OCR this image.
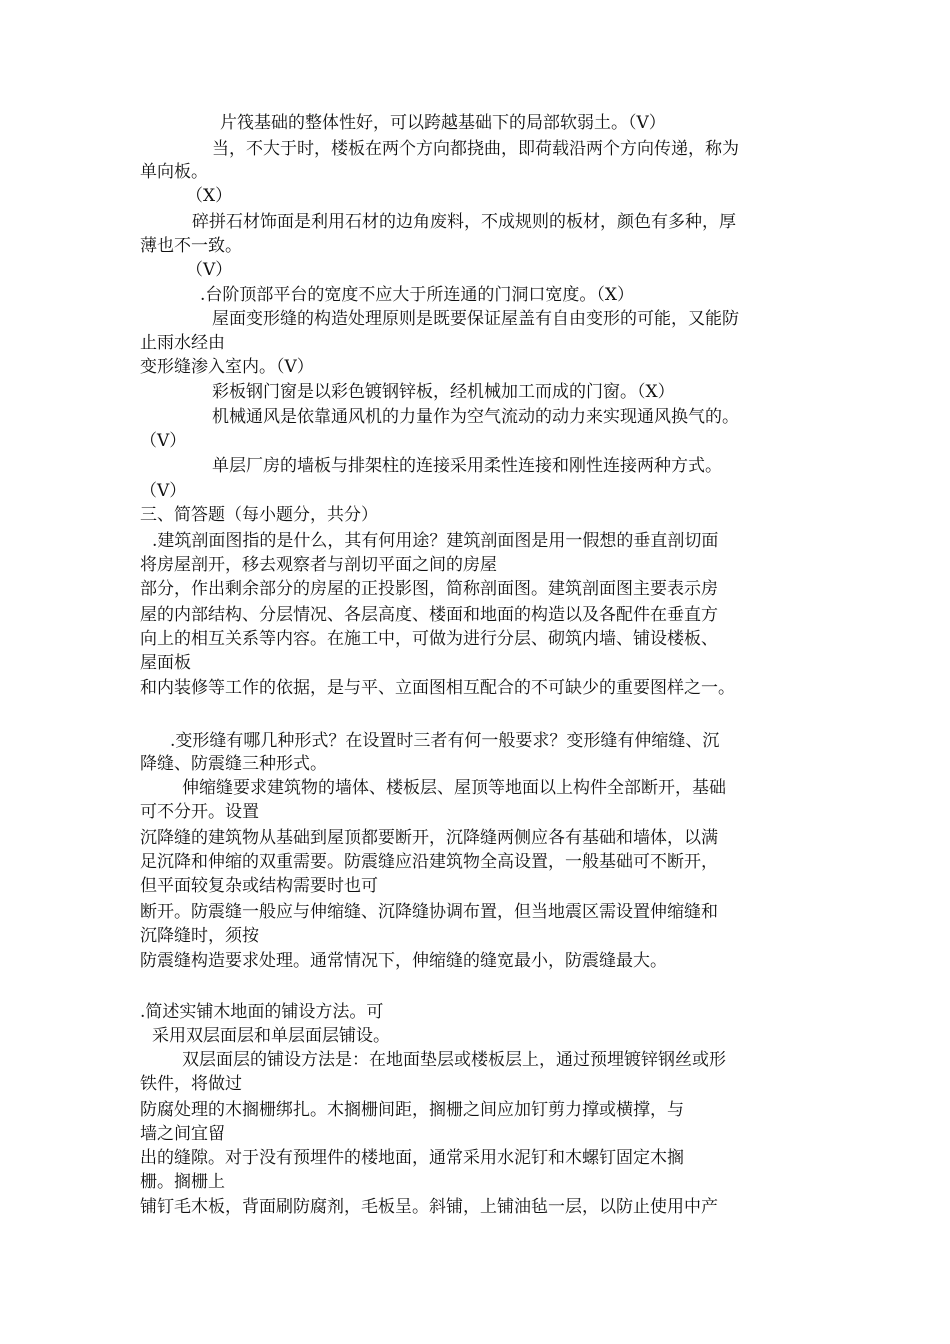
片筏基础的整体性好，可以跨越基础下的局部软弱土。（V）
当，不大于时，楼板在两个方向都挠曲，即荷载沿两个方向传递，称为
单向板。
（X）
碎拼石材饰面是利用石材的边角废料，不成规则的板材，颜色有多种，厚
薄也不一致。
（V）
.台阶顶部平台的宽度不应大于所连通的门洞口宽度。（X）
屋面变形缝的构造处理原则是既要保证屋盖有自由变形的可能，又能防
止雨水经由
变形缝渗入室内。（V）
彩板钢门窗是以彩色镀钢锌板，经机械加工而成的门窗。（X）
机械通风是依靠通风机的力量作为空气流动的动力来实现通风换气的。
（V）
单层厂房的墙板与排架柱的连接采用柔性连接和刚性连接两种方式。
（V）
三、简答题（每小题分，共分）
.建筑剖面图指的是什么，其有何用途？建筑剖面图是用一假想的垂直剖切面
将房屋剖开，移去观察者与剖切平面之间的房屋
部分，作出剩余部分的房屋的正投影图，简称剖面图。建筑剖面图主要表示房
屋的内部结构、分层情况、各层高度、楼面和地面的构造以及各配件在垂直方
向上的相互关系等内容。在施工中，可做为进行分层、砌筑内墙、铺设楼板、
屋面板
和内装修等工作的依据，是与平、立面图相互配合的不可缺少的重要图样之一。
.变形缝有哪几种形式？在设置时三者有何一般要求？变形缝有伸缩缝、沉
降缝、防震缝三种形式。
伸缩缝要求建筑物的墙体、楼板层、屋顶等地面以上构件全部断开，基础
可不分开。设置
沉降缝的建筑物从基础到屋顶都要断开，沉降缝两侧应各有基础和墙体，以满
足沉降和伸缩的双重需要。防震缝应沿建筑物全高设置，一般基础可不断开，
但平面较复杂或结构需要时也可
断开。防震缝一般应与伸缩缝、沉降缝协调布置，但当地震区需设置伸缩缝和
沉降缝时，须按
防震缝构造要求处理。通常情况下，伸缩缝的缝宽最小，防震缝最大。
.简述实铺木地面的铺设方法。可
采用双层面层和单层面层铺设。
双层面层的铺设方法是：在地面垫层或楼板层上，通过预埋镀锌钢丝或形
铁件，将做过
防腐处理的木搁栅绑扎。木搁栅间距，搁栅之间应加钉剪力撑或横撑，与
墙之间宜留
出的缝隙。对于没有预埋件的楼地面，通常采用水泥钉和木螺钉固定木搁
栅。搁栅上
铺钉毛木板，背面刷防腐剂，毛板呈。斜铺，上铺油毡一层，以防止使用中产
